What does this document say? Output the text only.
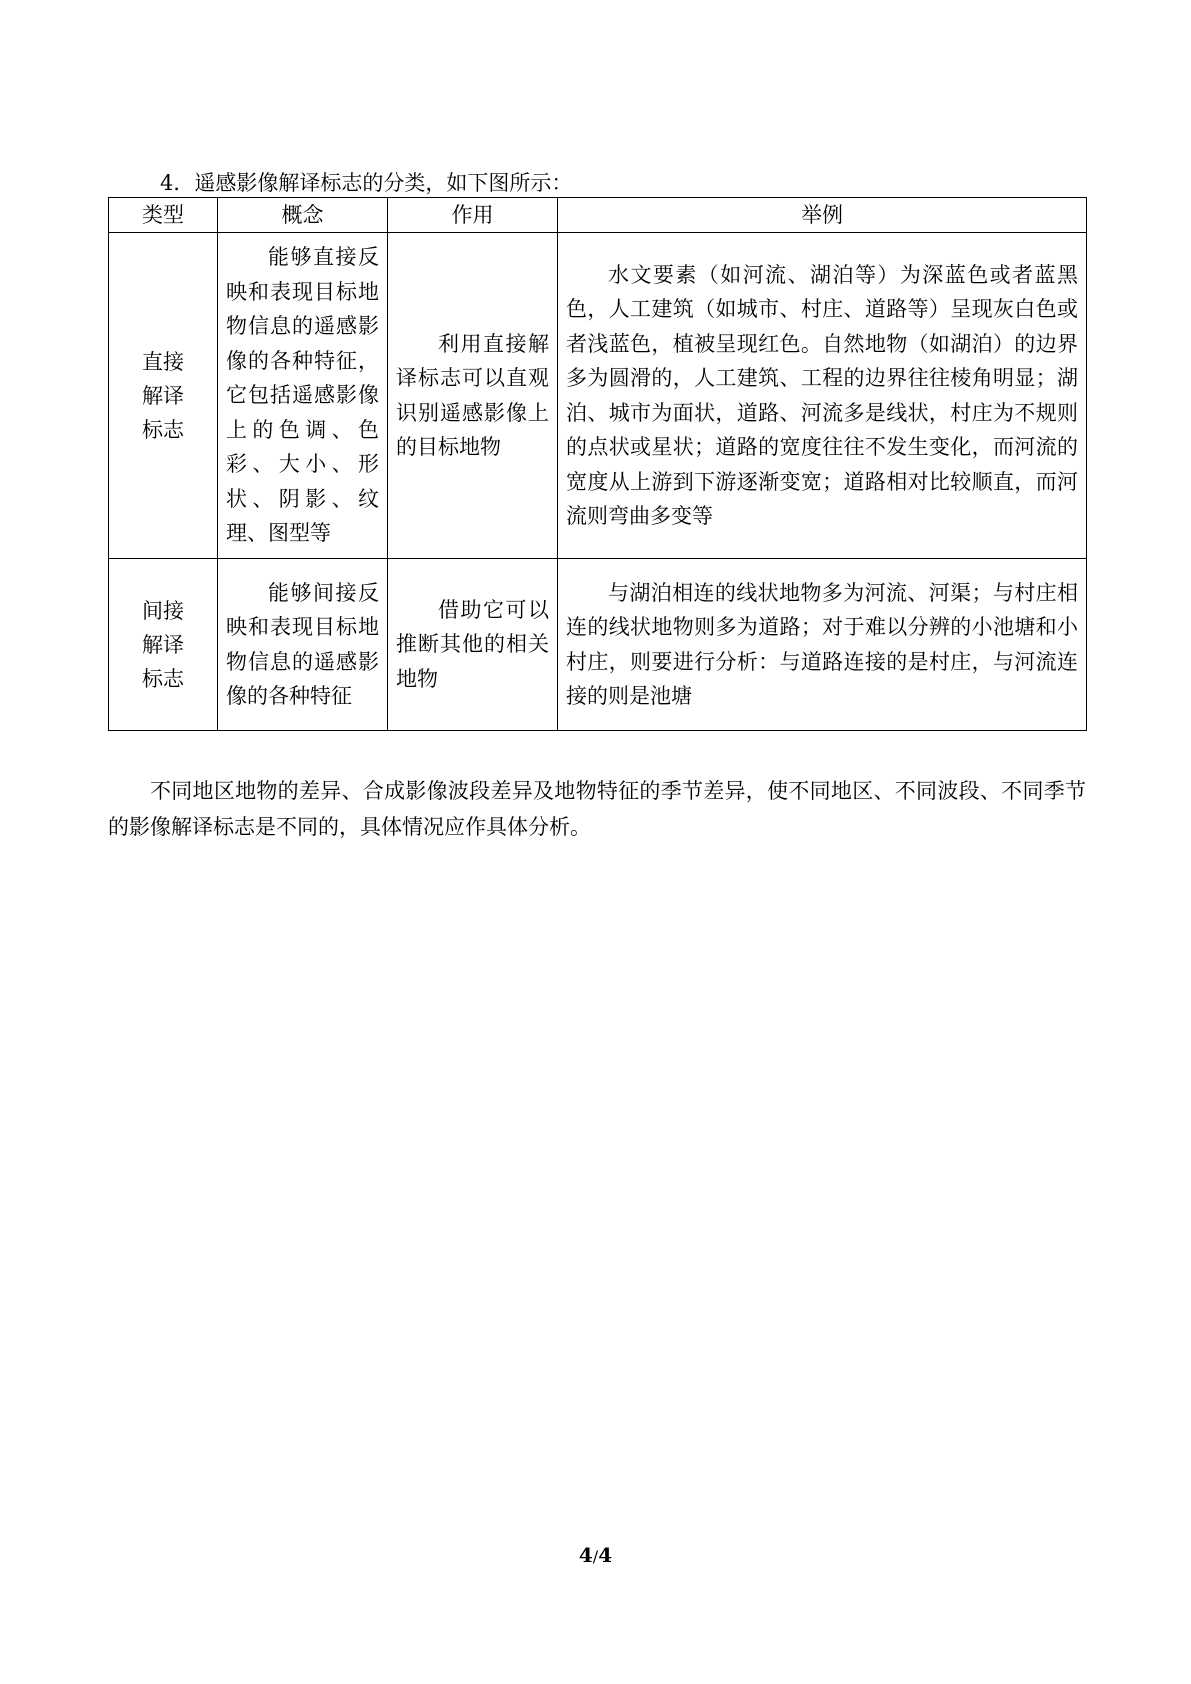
4．遥感影像解译标志的分类，如下图所示：
类型	概念	作用	举例

直接
解译
标志	能够直接反映和表现目标地物信息的遥感影像的各种特征，它包括遥感影像上的色调、色彩、大小、形状、阴影、纹理、图型等	利用直接解译标志可以直观识别遥感影像上的目标地物	水文要素（如河流、湖泊等）为深蓝色或者蓝黑色，人工建筑（如城市、村庄、道路等）呈现灰白色或者浅蓝色，植被呈现红色。自然地物（如湖泊）的边界多为圆滑的，人工建筑、工程的边界往往棱角明显；湖泊、城市为面状，道路、河流多是线状，村庄为不规则的点状或星状；道路的宽度往往不发生变化，而河流的宽度从上游到下游逐渐变宽；道路相对比较顺直，而河流则弯曲多变等

间接
解译
标志	能够间接反映和表现目标地物信息的遥感影像的各种特征	借助它可以推断其他的相关地物	与湖泊相连的线状地物多为河流、河渠；与村庄相连的线状地物则多为道路；对于难以分辨的小池塘和小村庄，则要进行分析：与道路连接的是村庄，与河流连接的则是池塘
不同地区地物的差异、合成影像波段差异及地物特征的季节差异，使不同地区、不同波段、不同季节的影像解译标志是不同的，具体情况应作具体分析。
4/4
